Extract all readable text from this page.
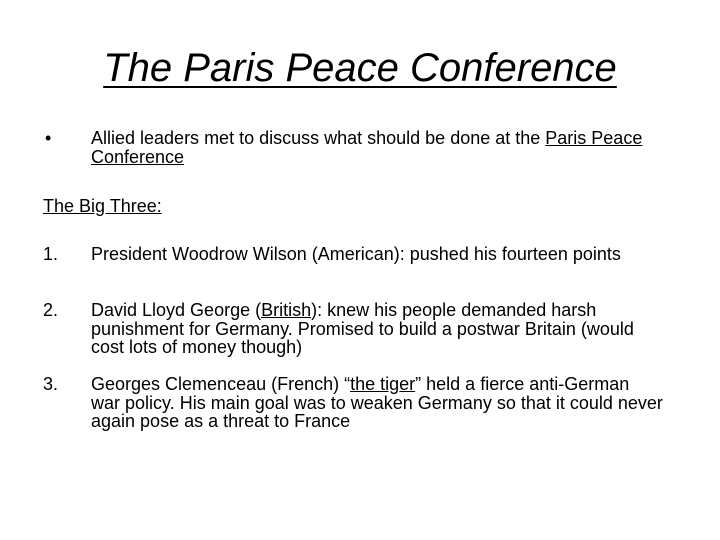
The Paris Peace Conference
• Allied leaders met to discuss what should be done at the Paris Peace Conference
The Big Three:
1. President Woodrow Wilson (American): pushed his fourteen points
2. David Lloyd George (British): knew his people demanded harsh punishment for Germany. Promised to build a postwar Britain (would cost lots of money though)
3. Georges Clemenceau (French) “the tiger” held a fierce anti-German war policy. His main goal was to weaken Germany so that it could never again pose as a threat to France
